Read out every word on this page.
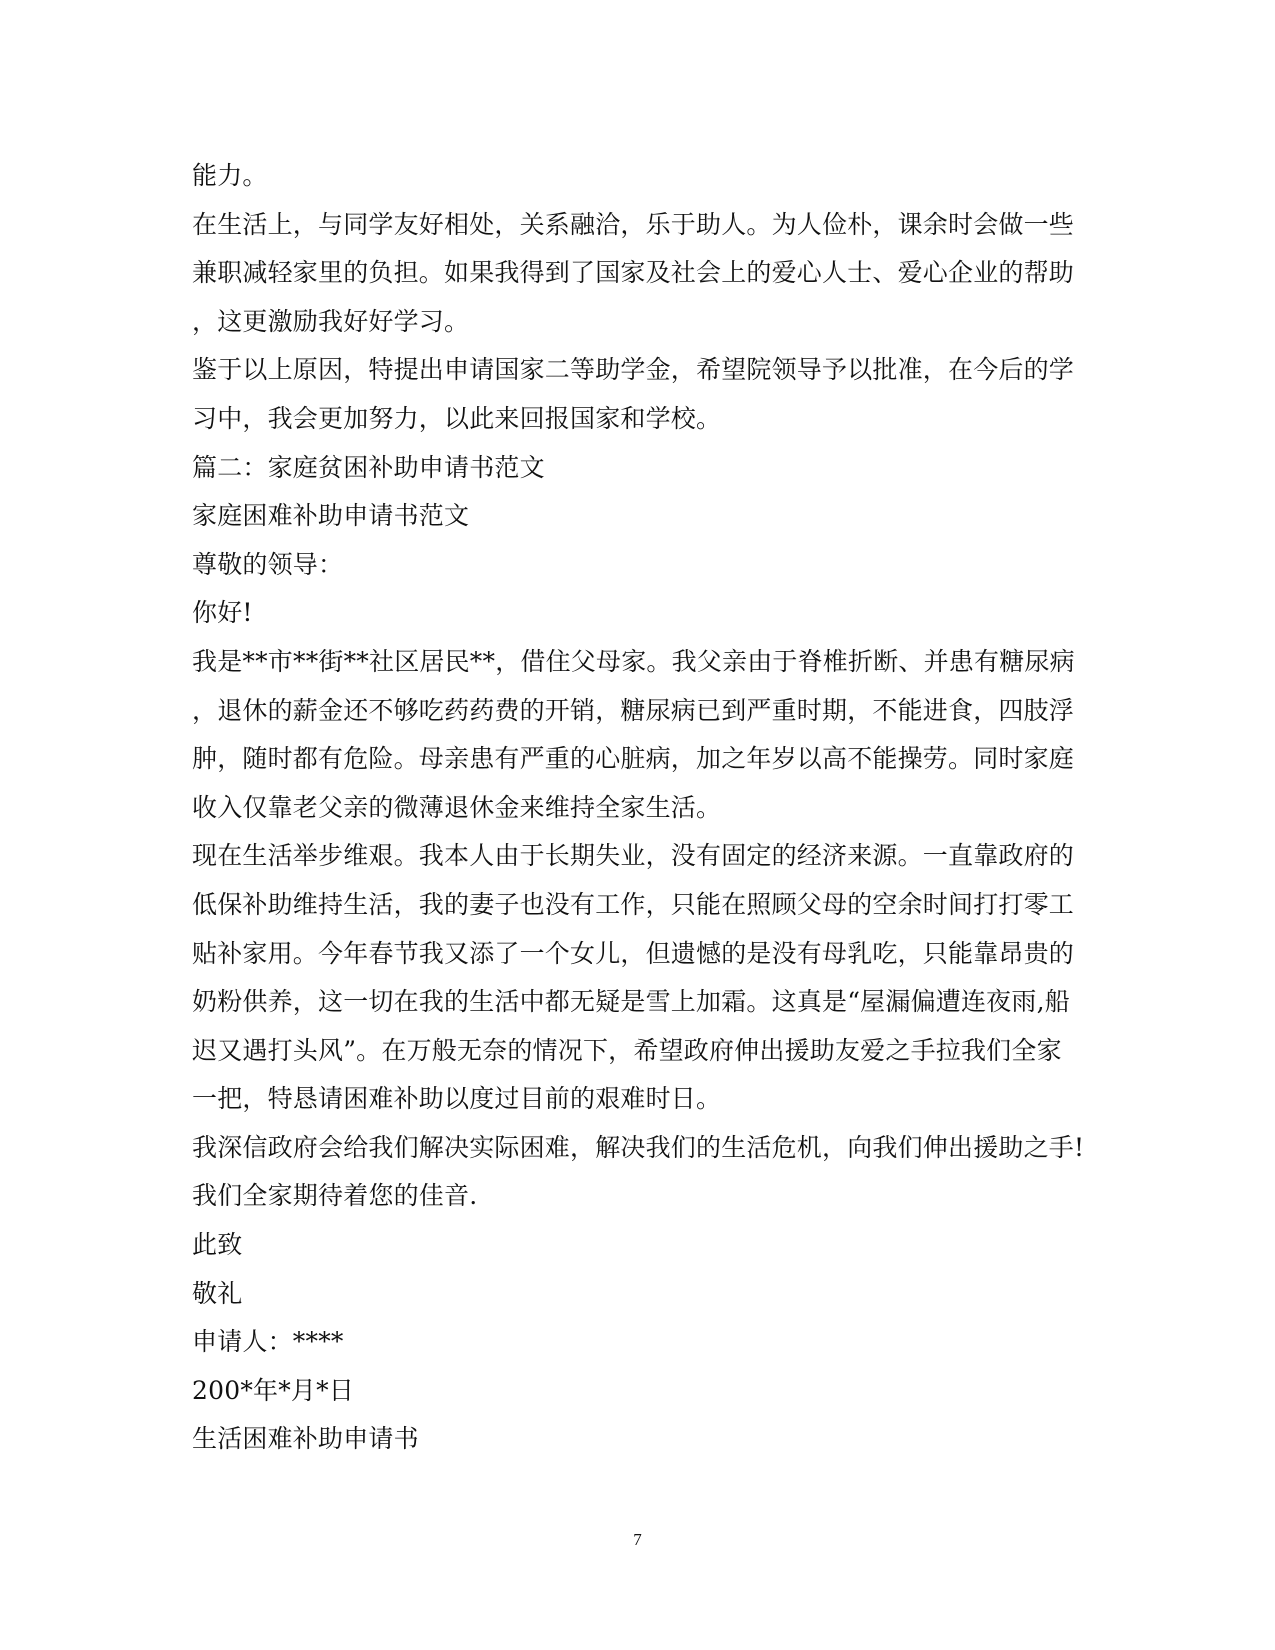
能力。
在生活上，与同学友好相处，关系融洽，乐于助人。为人俭朴，课余时会做一些
兼职减轻家里的负担。如果我得到了国家及社会上的爱心人士、爱心企业的帮助
，这更激励我好好学习。
鉴于以上原因，特提出申请国家二等助学金，希望院领导予以批准，在今后的学
习中，我会更加努力，以此来回报国家和学校。
篇二：家庭贫困补助申请书范文
家庭困难补助申请书范文
尊敬的领导：
你好!
我是**市**街**社区居民**，借住父母家。我父亲由于脊椎折断、并患有糖尿病
，退休的薪金还不够吃药药费的开销，糖尿病已到严重时期，不能进食，四肢浮
肿，随时都有危险。母亲患有严重的心脏病，加之年岁以高不能操劳。同时家庭
收入仅靠老父亲的微薄退休金来维持全家生活。
现在生活举步维艰。我本人由于长期失业，没有固定的经济来源。一直靠政府的
低保补助维持生活，我的妻子也没有工作，只能在照顾父母的空余时间打打零工
贴补家用。今年春节我又添了一个女儿，但遗憾的是没有母乳吃，只能靠昂贵的
奶粉供养，这一切在我的生活中都无疑是雪上加霜。这真是“屋漏偏遭连夜雨,船
迟又遇打头风”。在万般无奈的情况下，希望政府伸出援助友爱之手拉我们全家
一把，特恳请困难补助以度过目前的艰难时日。
我深信政府会给我们解决实际困难，解决我们的生活危机，向我们伸出援助之手!
我们全家期待着您的佳音.
此致
敬礼
申请人：****
200*年*月*日
生活困难补助申请书
7
